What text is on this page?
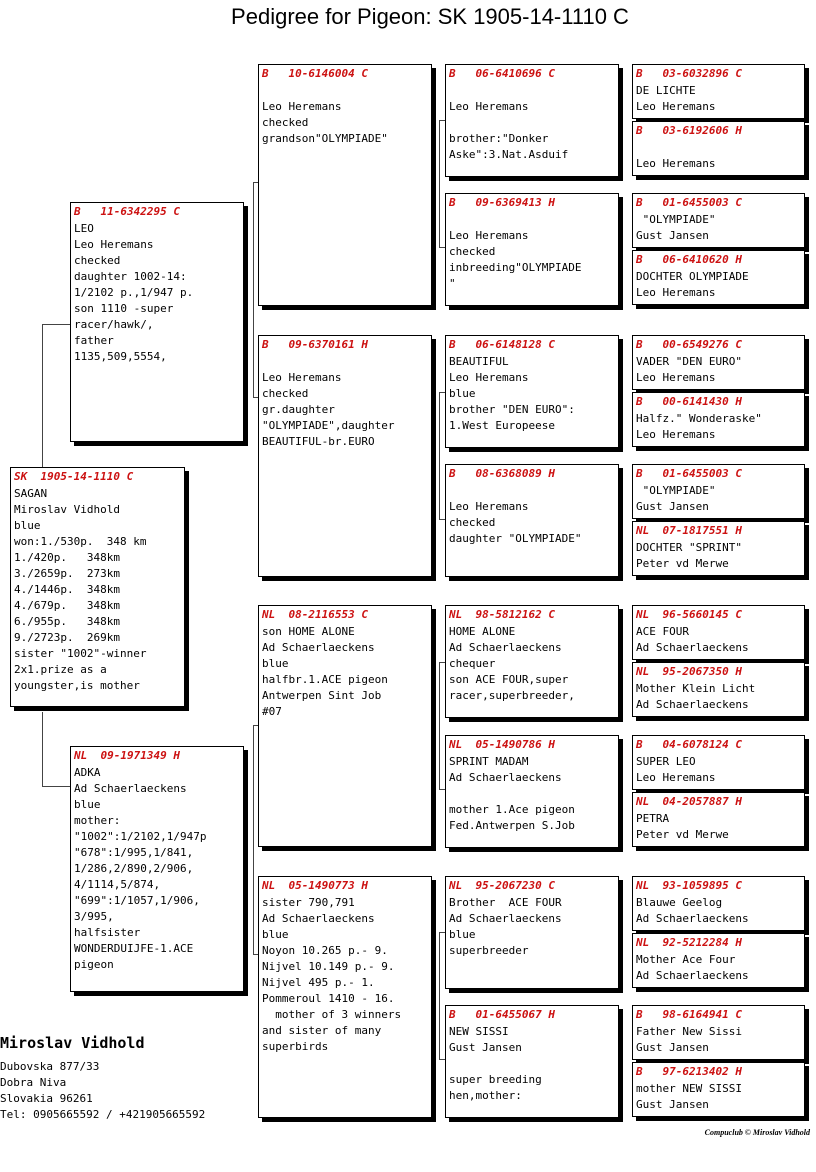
Pedigree for Pigeon: SK 1905-14-1110 C
SK  1905-14-1110 C
SAGAN
Miroslav Vidhold
blue
won:1./530p.  348 km
1./420p.   348km
3./2659p.  273km
4./1446p.  348km
4./679p.   348km
6./955p.   348km
9./2723p.  269km
sister "1002"-winner
2x1.prize as a
youngster,is mother
B   11-6342295 C
LEO
Leo Heremans
checked
daughter 1002-14:
1/2102 p.,1/947 p.
son 1110 -super
racer/hawk/,
father
1135,509,5554,
NL  09-1971349 H
ADKA
Ad Schaerlaeckens
blue
mother:
"1002":1/2102,1/947p
"678":1/995,1/841,
1/286,2/890,2/906,
4/1114,5/874,
"699":1/1057,1/906,
3/995,
halfsister
WONDERDUIJFE-1.ACE
pigeon
B   10-6146004 C
Leo Heremans
checked
grandson"OLYMPIADE"
B   09-6370161 H
Leo Heremans
checked
gr.daughter
"OLYMPIADE",daughter
BEAUTIFUL-br.EURO
NL  08-2116553 C
son HOME ALONE
Ad Schaerlaeckens
blue
halfbr.1.ACE pigeon
Antwerpen Sint Job
#07
NL  05-1490773 H
sister 790,791
Ad Schaerlaeckens
blue
Noyon 10.265 p.- 9.
Nijvel 10.149 p.- 9.
Nijvel 495 p.- 1.
Pommeroul 1410 - 16.
mother of 3 winners
and sister of many
superbirds
B   06-6410696 C
Leo Heremans
brother:"Donker
Aske":3.Nat.Asduif
B   09-6369413 H
Leo Heremans
checked
inbreeding"OLYMPIADE
"
B   06-6148128 C
BEAUTIFUL
Leo Heremans
blue
brother "DEN EURO":
1.West Europeese
B   08-6368089 H
Leo Heremans
checked
daughter "OLYMPIADE"
NL  98-5812162 C
HOME ALONE
Ad Schaerlaeckens
chequer
son ACE FOUR,super
racer,superbreeder,
NL  05-1490786 H
SPRINT MADAM
Ad Schaerlaeckens
mother 1.Ace pigeon
Fed.Antwerpen S.Job
NL  95-2067230 C
Brother  ACE FOUR
Ad Schaerlaeckens
blue
superbreeder
B   01-6455067 H
NEW SISSI
Gust Jansen
super breeding
hen,mother:
B   03-6032896 C
DE LICHTE
Leo Heremans
B   03-6192606 H
Leo Heremans
B   01-6455003 C
"OLYMPIADE"
Gust Jansen
B   06-6410620 H
DOCHTER OLYMPIADE
Leo Heremans
B   00-6549276 C
VADER "DEN EURO"
Leo Heremans
B   00-6141430 H
Halfz." Wonderaske"
Leo Heremans
B   01-6455003 C
"OLYMPIADE"
Gust Jansen
NL  07-1817551 H
DOCHTER "SPRINT"
Peter vd Merwe
NL  96-5660145 C
ACE FOUR
Ad Schaerlaeckens
NL  95-2067350 H
Mother Klein Licht
Ad Schaerlaeckens
B   04-6078124 C
SUPER LEO
Leo Heremans
NL  04-2057887 H
PETRA
Peter vd Merwe
NL  93-1059895 C
Blauwe Geelog
Ad Schaerlaeckens
NL  92-5212284 H
Mother Ace Four
Ad Schaerlaeckens
B   98-6164941 C
Father New Sissi
Gust Jansen
B   97-6213402 H
mother NEW SISSI
Gust Jansen
Miroslav Vidhold
Dubovska 877/33
Dobra Niva
Slovakia 96261
Tel: 0905665592 / +421905665592
Compuclub © Miroslav Vidhold
